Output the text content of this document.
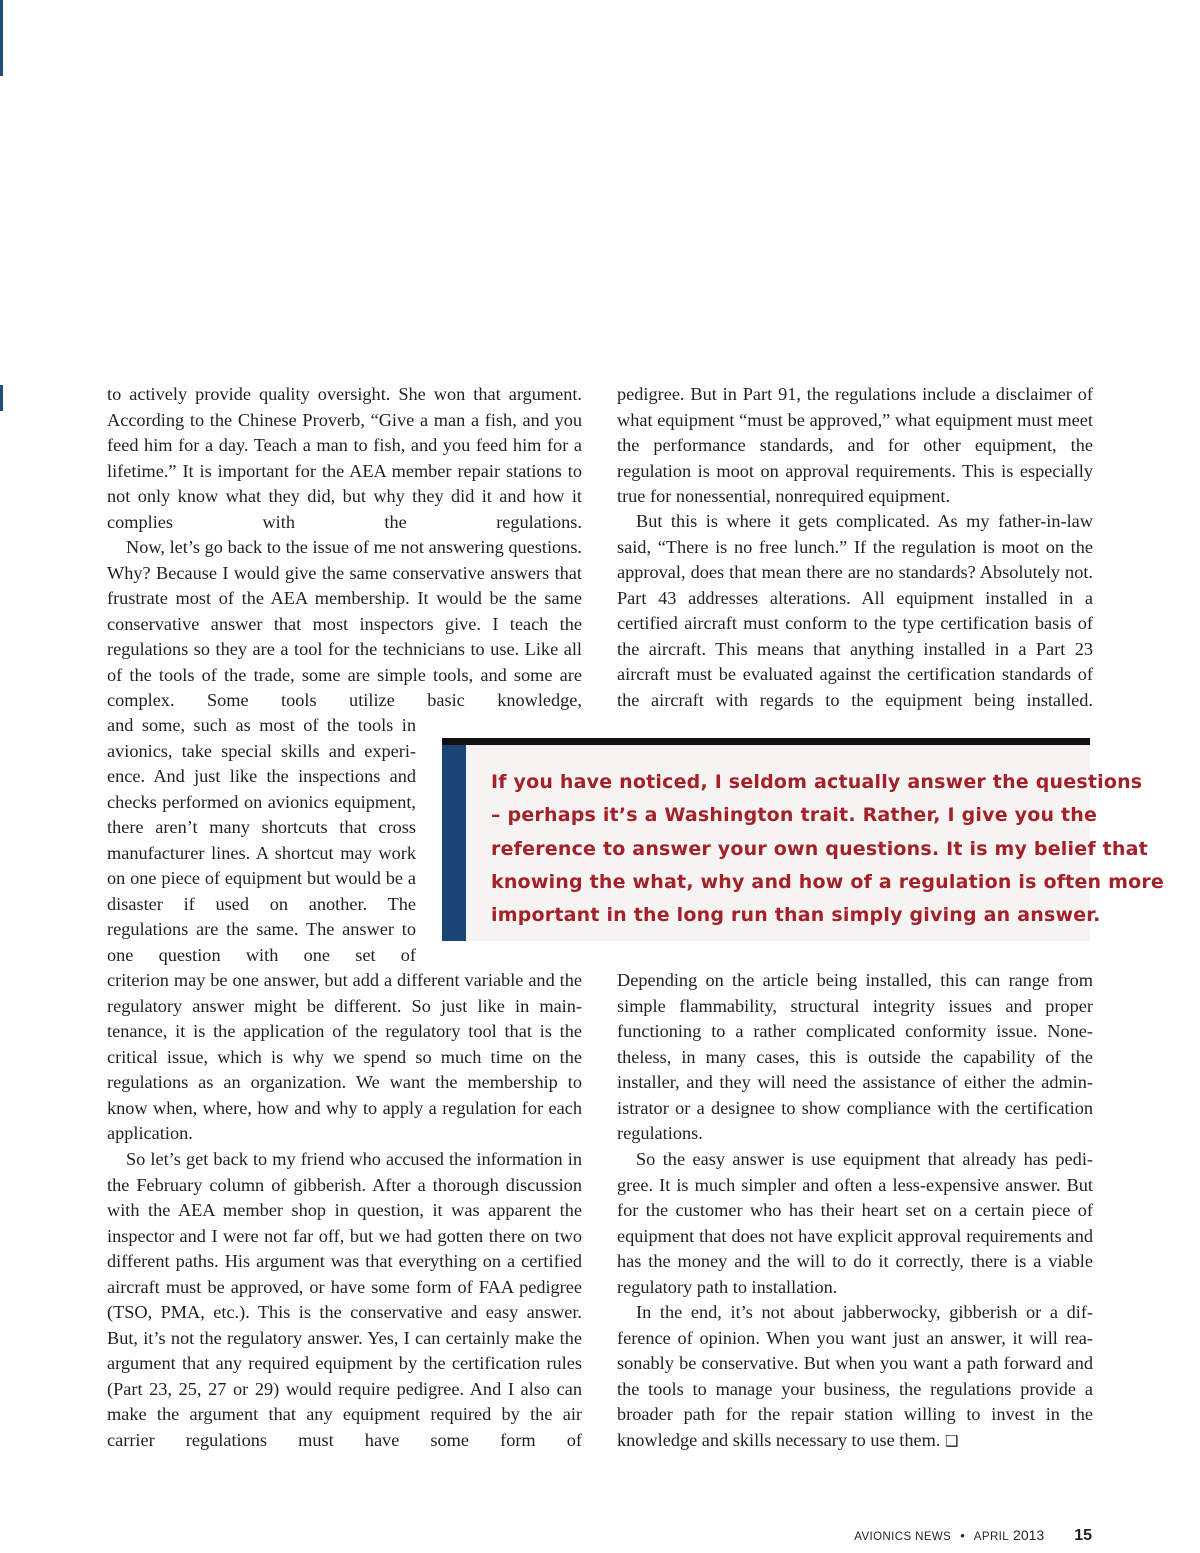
to actively provide quality oversight. She won that argument. According to the Chinese Proverb, “Give a man a fish, and you feed him for a day. Teach a man to fish, and you feed him for a lifetime.” It is important for the AEA member repair stations to not only know what they did, but why they did it and how it complies with the regulations.

Now, let’s go back to the issue of me not answering questions. Why? Because I would give the same conservative answers that frustrate most of the AEA membership. It would be the same conservative answer that most inspectors give. I teach the regulations so they are a tool for the technicians to use. Like all of the tools of the trade, some are simple tools, and some are complex. Some tools utilize basic knowledge,

and some, such as most of the tools in avionics, take special skills and experience. And just like the inspections and checks performed on avionics equipment, there aren’t many shortcuts that cross manufacturer lines. A shortcut may work on one piece of equipment but would be a disaster if used on another. The regulations are the same. The answer to one question with one set of

criterion may be one answer, but add a different variable and the regulatory answer might be different. So just like in maintenance, it is the application of the regulatory tool that is the critical issue, which is why we spend so much time on the regulations as an organization. We want the membership to know when, where, how and why to apply a regulation for each application.

So let’s get back to my friend who accused the information in the February column of gibberish. After a thorough discussion with the AEA member shop in question, it was apparent the inspector and I were not far off, but we had gotten there on two different paths. His argument was that everything on a certified aircraft must be approved, or have some form of FAA pedigree (TSO, PMA, etc.). This is the conservative and easy answer. But, it’s not the regulatory answer. Yes, I can certainly make the argument that any required equipment by the certification rules (Part 23, 25, 27 or 29) would require pedigree. And I also can make the argument that any equipment required by the air carrier regulations must have some form of

pedigree. But in Part 91, the regulations include a disclaimer of what equipment “must be approved,” what equipment must meet the performance standards, and for other equipment, the regulation is moot on approval requirements. This is especially true for nonessential, nonrequired equipment.

But this is where it gets complicated. As my father-in-law said, “There is no free lunch.” If the regulation is moot on the approval, does that mean there are no standards? Absolutely not. Part 43 addresses alterations. All equipment installed in a certified aircraft must conform to the type certification basis of the aircraft. This means that anything installed in a Part 23 aircraft must be evaluated against the certification standards of the aircraft with regards to the equipment being installed.

Depending on the article being installed, this can range from simple flammability, structural integrity issues and proper functioning to a rather complicated conformity issue. Nonetheless, in many cases, this is outside the capability of the installer, and they will need the assistance of either the administrator or a designee to show compliance with the certification regulations.

So the easy answer is use equipment that already has pedigree. It is much simpler and often a less-expensive answer. But for the customer who has their heart set on a certain piece of equipment that does not have explicit approval requirements and has the money and the will to do it correctly, there is a viable regulatory path to installation.

In the end, it’s not about jabberwocky, gibberish or a difference of opinion. When you want just an answer, it will reasonably be conservative. But when you want a path forward and the tools to manage your business, the regulations provide a broader path for the repair station willing to invest in the knowledge and skills necessary to use them. ❑

If you have noticed, I seldom actually answer the questions
– perhaps it’s a Washington trait. Rather, I give you the
reference to answer your own questions. It is my belief that
knowing the what, why and how of a regulation is often more
important in the long run than simply giving an answer.

AVIONICS NEWS • APRIL 2013 15
